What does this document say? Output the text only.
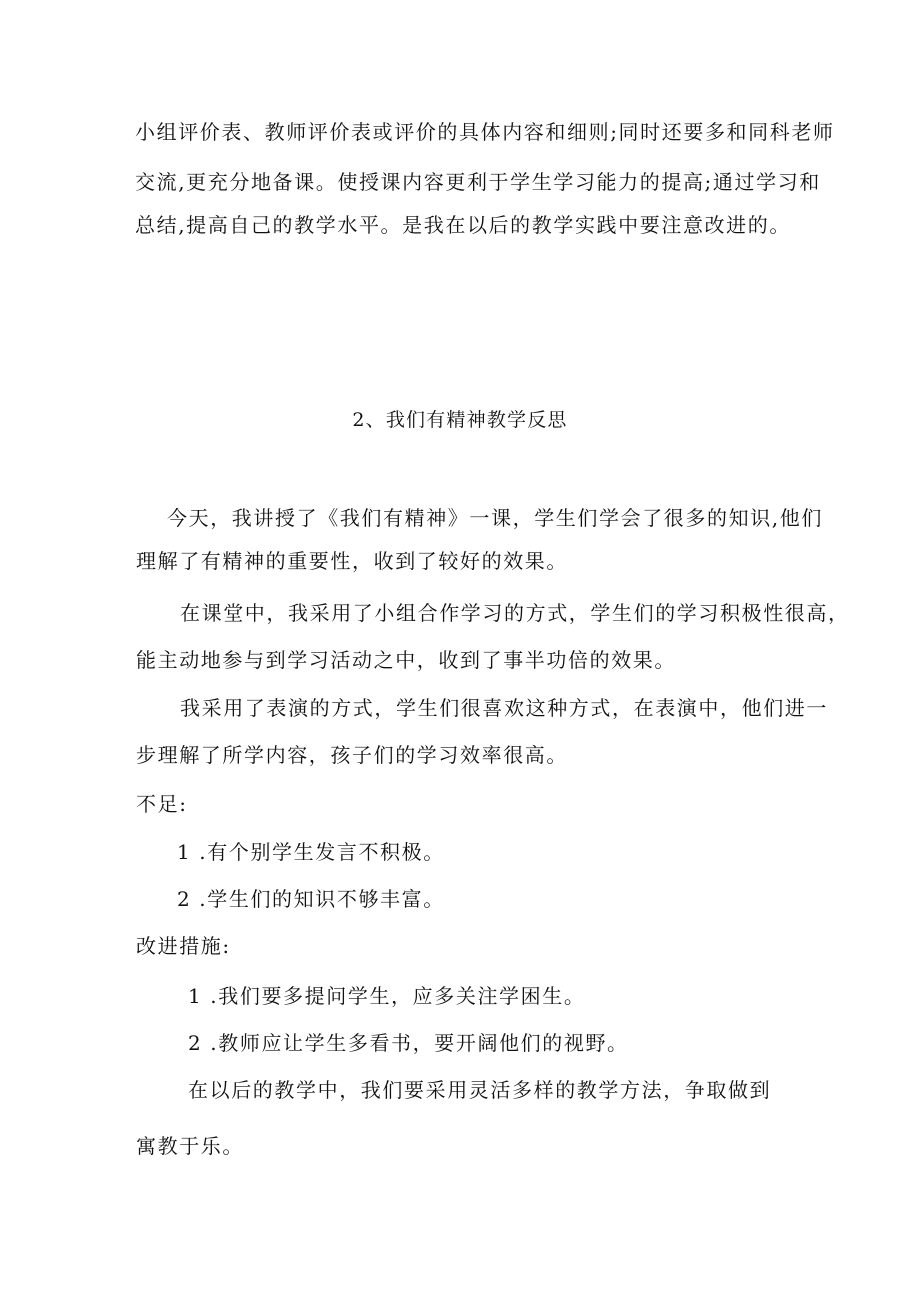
小组评价表、教师评价表或评价的具体内容和细则;同时还要多和同科老师
交流,更充分地备课。使授课内容更利于学生学习能力的提高;通过学习和
总结,提高自己的教学水平。是我在以后的教学实践中要注意改进的。
2、我们有精神教学反思
今天，我讲授了《我们有精神》一课，学生们学会了很多的知识,他们
理解了有精神的重要性，收到了较好的效果。
在课堂中，我采用了小组合作学习的方式，学生们的学习积极性很高，
能主动地参与到学习活动之中，收到了事半功倍的效果。
我采用了表演的方式，学生们很喜欢这种方式，在表演中，他们进一
步理解了所学内容，孩子们的学习效率很高。
不足:
1 .有个别学生发言不积极。
2 .学生们的知识不够丰富。
改进措施:
1 .我们要多提问学生，应多关注学困生。
2 .教师应让学生多看书，要开阔他们的视野。
在以后的教学中，我们要采用灵活多样的教学方法，争取做到
寓教于乐。
